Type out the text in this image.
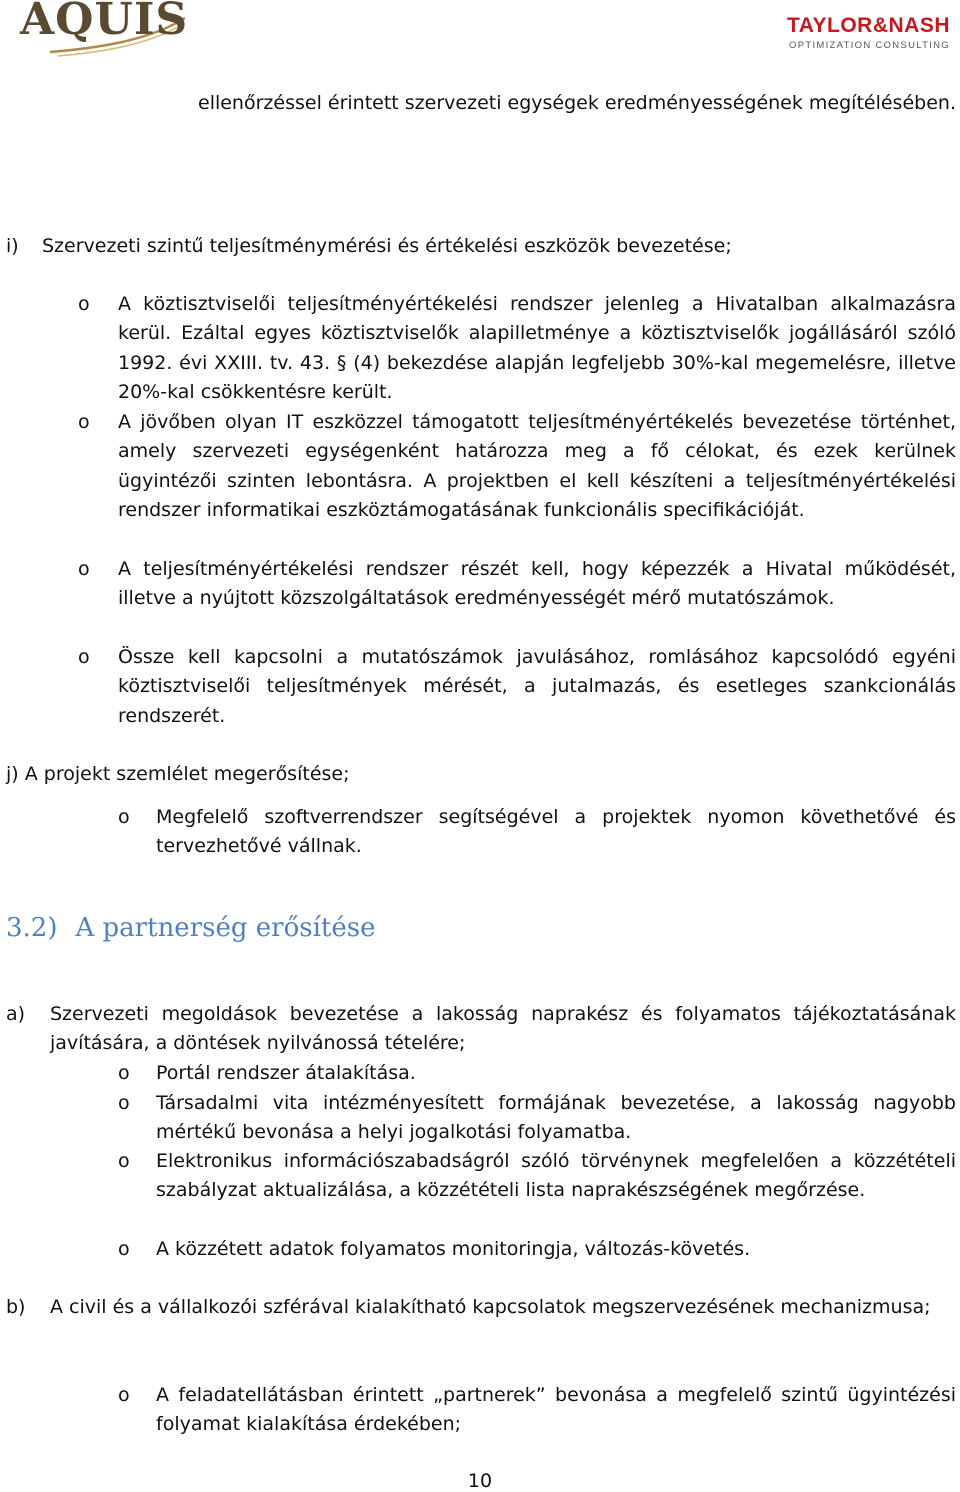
AQUIS	TAYLOR&NASH
OPTIMIZATION CONSULTING
ellenőrzéssel érintett szervezeti egységek eredményességének megítélésében.
i) Szervezeti szintű teljesítménymérési és értékelési eszközök bevezetése;
o A köztisztviselői teljesítményértékelési rendszer jelenleg a Hivatalban alkalmazásra kerül. Ezáltal egyes köztisztviselők alapilletménye a köztisztviselők jogállásáról szóló 1992. évi XXIII. tv. 43. § (4) bekezdése alapján legfeljebb 30%-kal megemelésre, illetve 20%-kal csökkentésre került.
o A jövőben olyan IT eszközzel támogatott teljesítményértékelés bevezetése történhet, amely szervezeti egységenként határozza meg a fő célokat, és ezek kerülnek ügyintézői szinten lebontásra. A projektben el kell készíteni a teljesítményértékelési rendszer informatikai eszköztámogatásának funkcionális specifikációját.
o A teljesítményértékelési rendszer részét kell, hogy képezzék a Hivatal működését, illetve a nyújtott közszolgáltatások eredményességét mérő mutatószámok.
o Össze kell kapcsolni a mutatószámok javulásához, romlásához kapcsolódó egyéni köztisztviselői teljesítmények mérését, a jutalmazás, és esetleges szankcionálás rendszerét.
j) A projekt szemlélet megerősítése;
o Megfelelő szoftverrendszer segítségével a projektek nyomon követhetővé és tervezhetővé vállnak.
3.2) A partnerség erősítése
a) Szervezeti megoldások bevezetése a lakosság naprakész és folyamatos tájékoztatásának javítására, a döntések nyilvánossá tételére;
o Portál rendszer átalakítása.
o Társadalmi vita intézményesített formájának bevezetése, a lakosság nagyobb mértékű bevonása a helyi jogalkotási folyamatba.
o Elektronikus információszabadságról szóló törvénynek megfelelően a közzétételi szabályzat aktualizálása, a közzétételi lista naprakészségének megőrzése.
o A közzétett adatok folyamatos monitoringja, változás-követés.
b) A civil és a vállalkozói szférával kialakítható kapcsolatok megszervezésének mechanizmusa;
o A feladatellátásban érintett „partnerek” bevonása a megfelelő szintű ügyintézési folyamat kialakítása érdekében;
10
